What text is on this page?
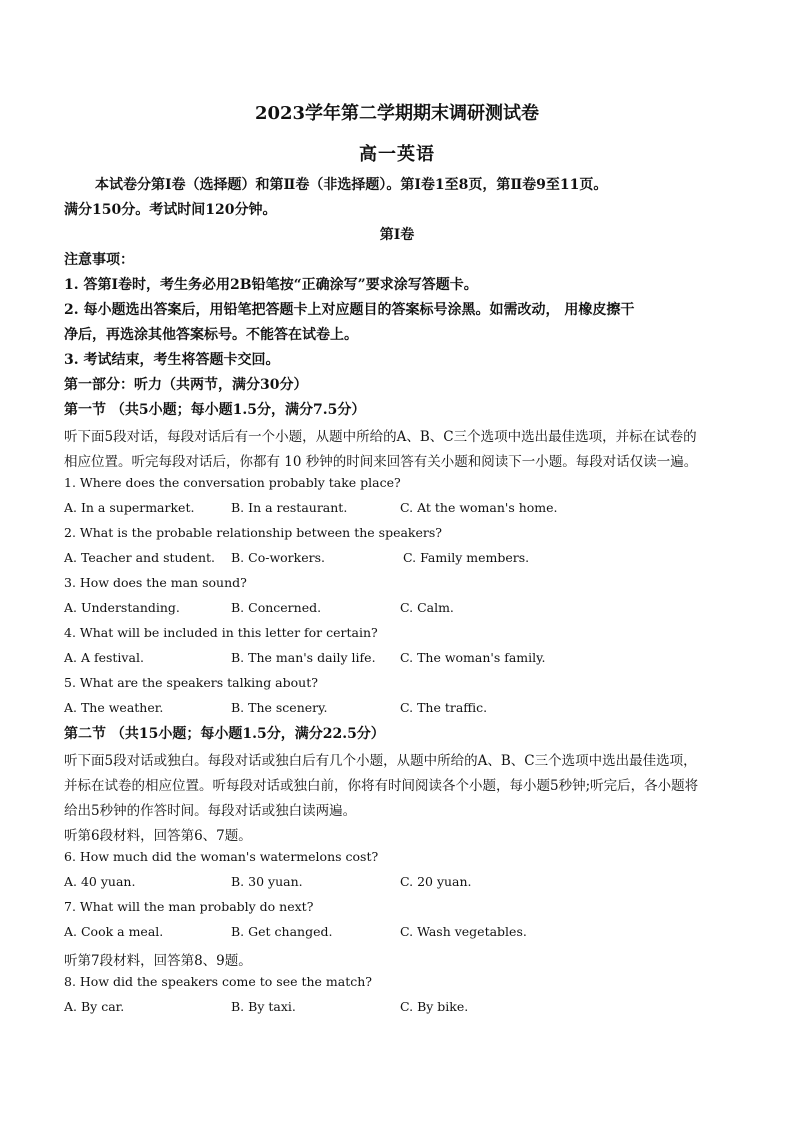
2023学年第二学期期末调研测试卷
高一英语
本试卷分第Ⅰ卷（选择题）和第Ⅱ卷（非选择题）。第Ⅰ卷1至8页，第Ⅱ卷9至11页。
满分150分。考试时间120分钟。
第Ⅰ卷
注意事项：
1. 答第Ⅰ卷时，考生务必用2B铅笔按“正确涂写”要求涂写答题卡。
2. 每小题选出答案后，用铅笔把答题卡上对应题目的答案标号涂黑。如需改动， 用橡皮擦干
净后，再选涂其他答案标号。不能答在试卷上。
3. 考试结束，考生将答题卡交回。
第一部分：听力（共两节，满分30分）
第一节 （共5小题；每小题1.5分，满分7.5分）
听下面5段对话，每段对话后有一个小题，从题中所给的A、B、C三个选项中选出最佳选项，并标在试卷的
相应位置。听完每段对话后，你都有 10 秒钟的时间来回答有关小题和阅读下一小题。每段对话仅读一遍。
1. Where does the conversation probably take place?
A. In a supermarket.	B. In a restaurant.	C. At the woman's home.
2. What is the probable relationship between the speakers?
A. Teacher and student. B. Co-workers.	C. Family members.
3. How does the man sound?
A. Understanding.	B. Concerned.	C. Calm.
4. What will be included in this letter for certain?
A. A festival.	B. The man's daily life. C. The woman's family.
5. What are the speakers talking about?
A. The weather.	B. The scenery.	C. The traffic.
第二节 （共15小题；每小题1.5分，满分22.5分）
听下面5段对话或独白。每段对话或独白后有几个小题，从题中所给的A、B、C三个选项中选出最佳选项，
并标在试卷的相应位置。听每段对话或独白前，你将有时间阅读各个小题，每小题5秒钟;听完后，各小题将
给出5秒钟的作答时间。每段对话或独白读两遍。
听第6段材料，回答第6、7题。
6. How much did the woman's watermelons cost?
A. 40 yuan.	B. 30 yuan.	C. 20 yuan.
7. What will the man probably do next?
A. Cook a meal.	B. Get changed.	C. Wash vegetables.
听第7段材料，回答第8、9题。
8. How did the speakers come to see the match?
A. By car.	B. By taxi.	C. By bike.
